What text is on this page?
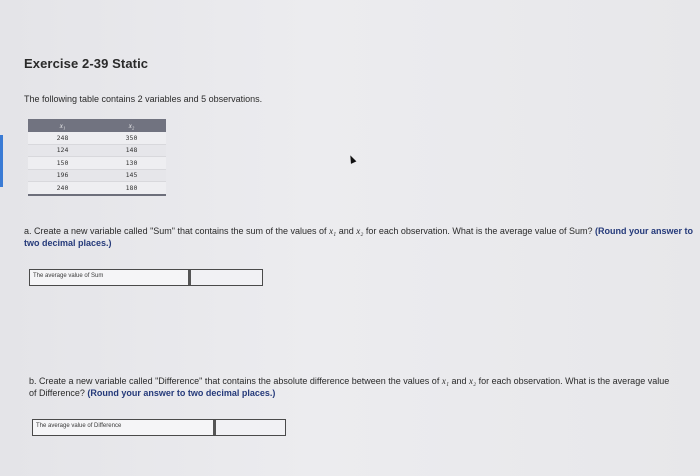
Exercise 2-39 Static
The following table contains 2 variables and 5 observations.
x₁	x₂
248	350
124	148
150	130
196	145
240	180
a. Create a new variable called "Sum" that contains the sum of the values of x₁ and x₂ for each observation. What is the average value of Sum? (Round your answer to two decimal places.)
The average value of Sum
b. Create a new variable called "Difference" that contains the absolute difference between the values of x₁ and x₂ for each observation. What is the average value of Difference? (Round your answer to two decimal places.)
The average value of Difference
